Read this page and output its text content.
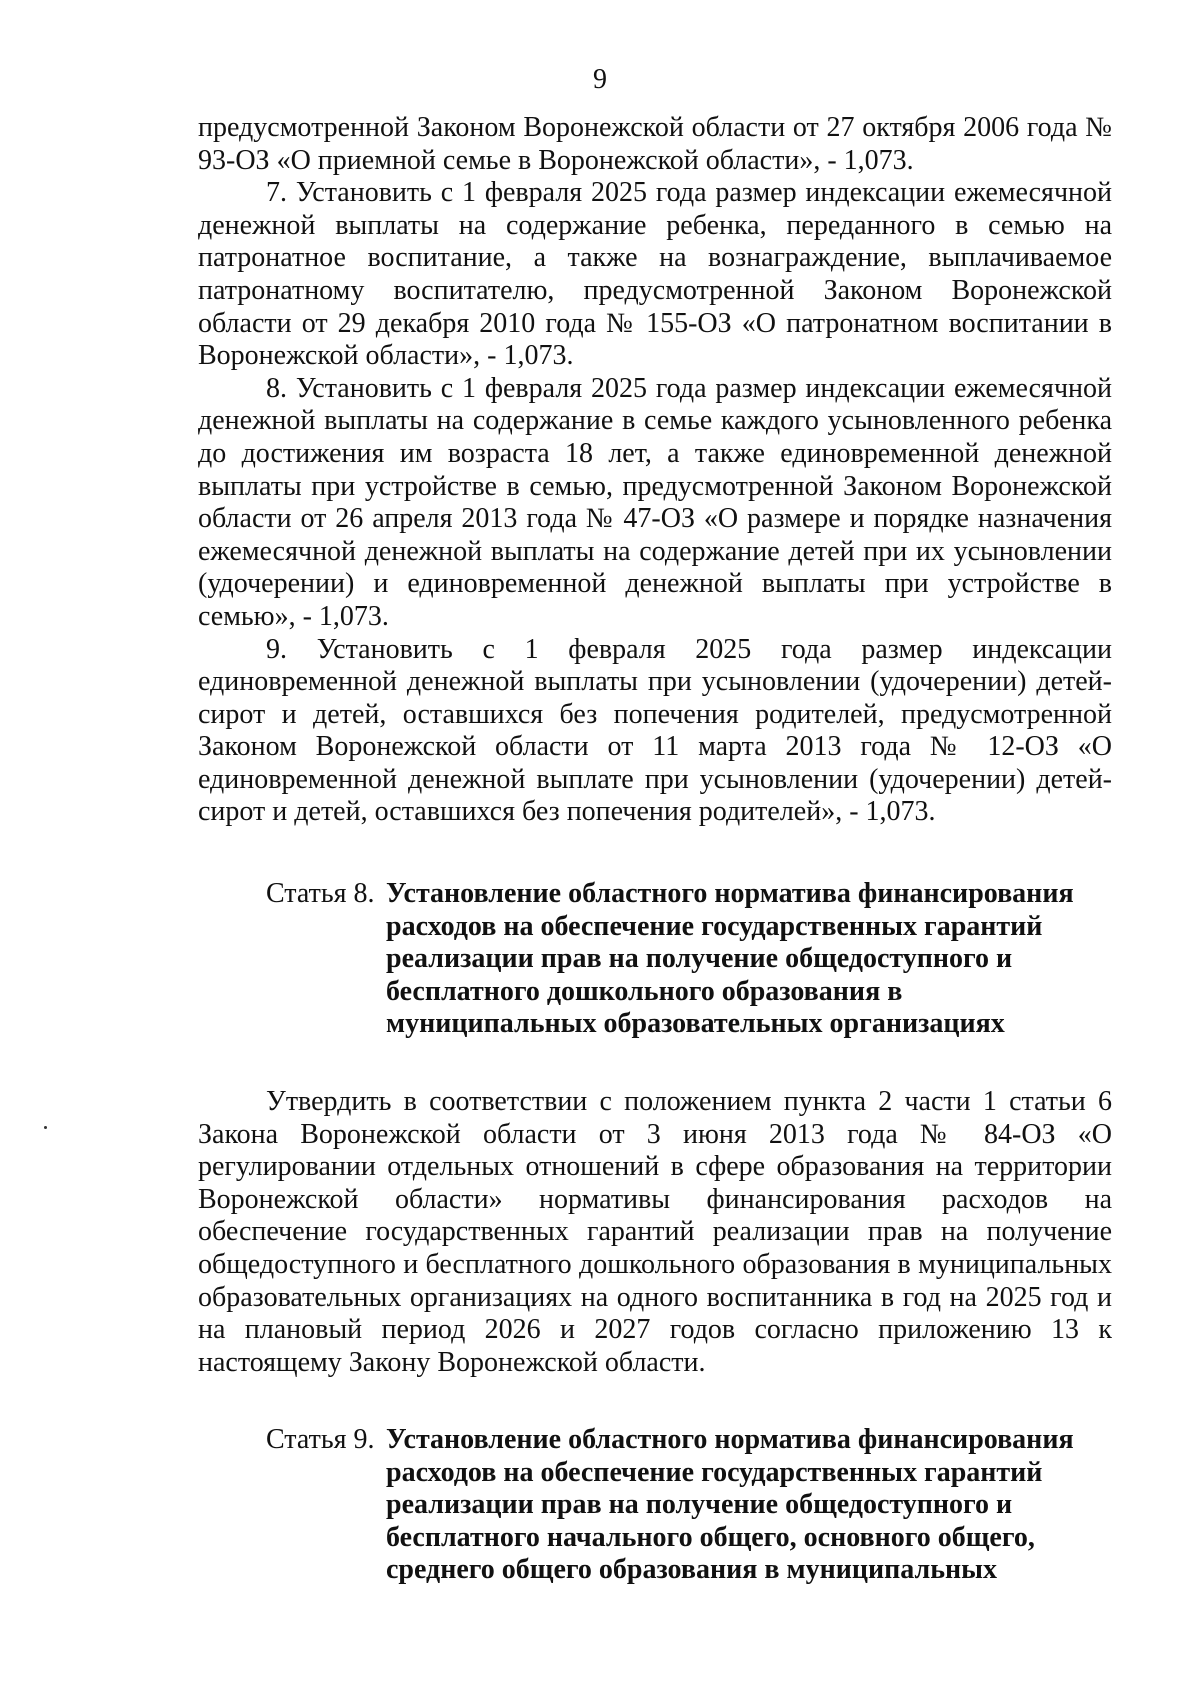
9

предусмотренной Законом Воронежской области от 27 октября 2006 года № 93-ОЗ «О приемной семье в Воронежской области», - 1,073.

7. Установить с 1 февраля 2025 года размер индексации ежемесячной денежной выплаты на содержание ребенка, переданного в семью на патронатное воспитание, а также на вознаграждение, выплачиваемое патронатному воспитателю, предусмотренной Законом Воронежской области от 29 декабря 2010 года № 155-ОЗ «О патронатном воспитании в Воронежской области», - 1,073.

8. Установить с 1 февраля 2025 года размер индексации ежемесячной денежной выплаты на содержание в семье каждого усыновленного ребенка до достижения им возраста 18 лет, а также единовременной денежной выплаты при устройстве в семью, предусмотренной Законом Воронежской области от 26 апреля 2013 года № 47-ОЗ «О размере и порядке назначения ежемесячной денежной выплаты на содержание детей при их усыновлении (удочерении) и единовременной денежной выплаты при устройстве в семью», - 1,073.

9. Установить с 1 февраля 2025 года размер индексации единовременной денежной выплаты при усыновлении (удочерении) детей-сирот и детей, оставшихся без попечения родителей, предусмотренной Законом Воронежской области от 11 марта 2013 года № 12-ОЗ «О единовременной денежной выплате при усыновлении (удочерении) детей-сирот и детей, оставшихся без попечения родителей», - 1,073.

Статья 8. Установление областного норматива финансирования
расходов на обеспечение государственных гарантий
реализации прав на получение общедоступного и
бесплатного дошкольного образования в
муниципальных образовательных организациях

Утвердить в соответствии с положением пункта 2 части 1 статьи 6 Закона Воронежской области от 3 июня 2013 года № 84-ОЗ «О регулировании отдельных отношений в сфере образования на территории Воронежской области» нормативы финансирования расходов на обеспечение государственных гарантий реализации прав на получение общедоступного и бесплатного дошкольного образования в муниципальных образовательных организациях на одного воспитанника в год на 2025 год и на плановый период 2026 и 2027 годов согласно приложению 13 к настоящему Закону Воронежской области.

Статья 9. Установление областного норматива финансирования
расходов на обеспечение государственных гарантий
реализации прав на получение общедоступного и
бесплатного начального общего, основного общего,
среднего общего образования в муниципальных
